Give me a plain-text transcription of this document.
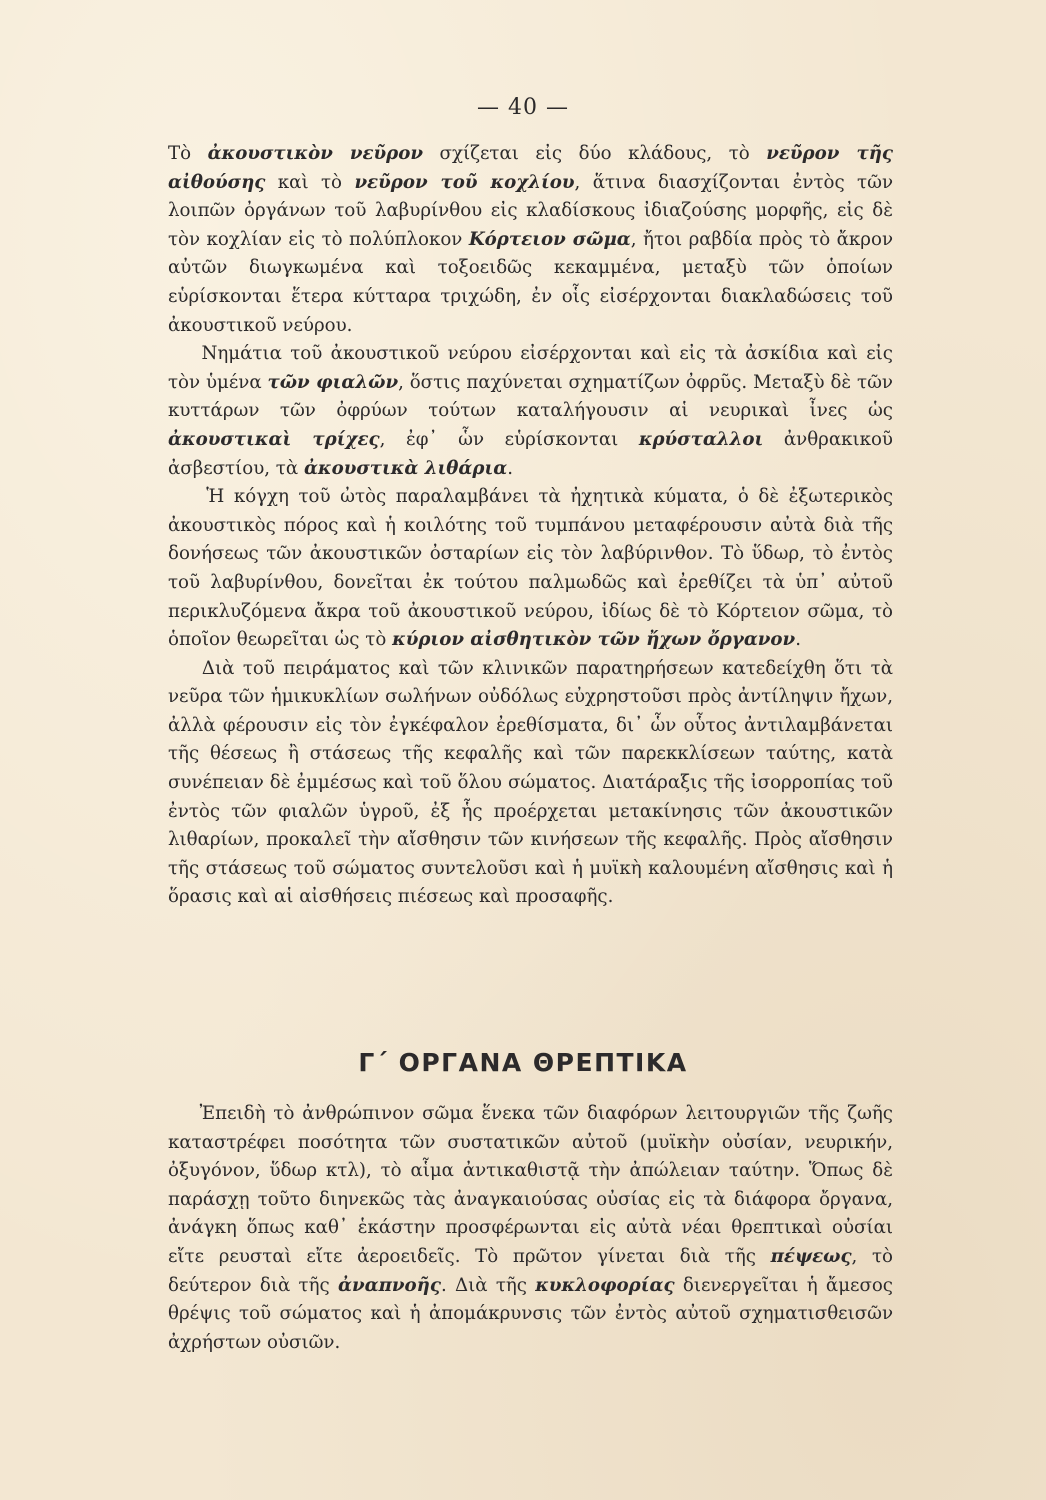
— 40 —

Τὸ ἀκουστικὸν νεῦρον σχίζεται εἰς δύο κλάδους, τὸ νεῦρον τῆς αἰθούσης καὶ τὸ νεῦρον τοῦ κοχλίου, ἅτινα διασχίζονται ἐντὸς τῶν λοιπῶν ὀργάνων τοῦ λαβυρίνθου εἰς κλαδίσκους ἰδιαζούσης μορφῆς, εἰς δὲ τὸν κοχλίαν εἰς τὸ πολύπλοκον Κόρτειον σῶμα, ἤτοι ραβδία πρὸς τὸ ἄκρον αὐτῶν διωγκωμένα καὶ τοξοειδῶς κεκαμμένα, μεταξὺ τῶν ὁποίων εὑρίσκονται ἕτερα κύτταρα τριχώδη, ἐν οἷς εἰσέρχονται διακλαδώσεις τοῦ ἀκουστικοῦ νεύρου.

Νημάτια τοῦ ἀκουστικοῦ νεύρου εἰσέρχονται καὶ εἰς τὰ ἀσκίδια καὶ εἰς τὸν ὑμένα τῶν φιαλῶν, ὅστις παχύνεται σχηματίζων ὀφρῦς. Μεταξὺ δὲ τῶν κυττάρων τῶν ὀφρύων τούτων καταλήγουσιν αἱ νευρικαὶ ἶνες ὡς ἀκουστικαὶ τρίχες, ἐφ᾽ ὧν εὑρίσκονται κρύσταλλοι ἀνθρακικοῦ ἀσβεστίου, τὰ ἀκουστικὰ λιθάρια.

Ἡ κόγχη τοῦ ὠτὸς παραλαμβάνει τὰ ἠχητικὰ κύματα, ὁ δὲ ἐξωτερικὸς ἀκουστικὸς πόρος καὶ ἡ κοιλότης τοῦ τυμπάνου μεταφέρουσιν αὐτὰ διὰ τῆς δονήσεως τῶν ἀκουστικῶν ὀσταρίων εἰς τὸν λαβύρινθον. Τὸ ὕδωρ, τὸ ἐντὸς τοῦ λαβυρίνθου, δονεῖται ἐκ τούτου παλμωδῶς καὶ ἐρεθίζει τὰ ὑπ᾽ αὐτοῦ περικλυζόμενα ἄκρα τοῦ ἀκουστικοῦ νεύρου, ἰδίως δὲ τὸ Κόρτειον σῶμα, τὸ ὁποῖον θεωρεῖται ὡς τὸ κύριον αἰσθητικὸν τῶν ἤχων ὄργανον.

Διὰ τοῦ πειράματος καὶ τῶν κλινικῶν παρατηρήσεων κατεδείχθη ὅτι τὰ νεῦρα τῶν ἡμικυκλίων σωλήνων οὐδόλως εὐχρηστοῦσι πρὸς ἀντίληψιν ἤχων, ἀλλὰ φέρουσιν εἰς τὸν ἐγκέφαλον ἐρεθίσματα, δι᾽ ὧν οὗτος ἀντιλαμβάνεται τῆς θέσεως ἢ στάσεως τῆς κεφαλῆς καὶ τῶν παρεκκλίσεων ταύτης, κατὰ συνέπειαν δὲ ἐμμέσως καὶ τοῦ ὅλου σώματος. Διατάραξις τῆς ἰσορροπίας τοῦ ἐντὸς τῶν φιαλῶν ὑγροῦ, ἐξ ἧς προέρχεται μετακίνησις τῶν ἀκουστικῶν λιθαρίων, προκαλεῖ τὴν αἴσθησιν τῶν κινήσεων τῆς κεφαλῆς. Πρὸς αἴσθησιν τῆς στάσεως τοῦ σώματος συντελοῦσι καὶ ἡ μυϊκὴ καλουμένη αἴσθησις καὶ ἡ ὅρασις καὶ αἱ αἰσθήσεις πιέσεως καὶ προσαφῆς.

Γ΄ ΟΡΓΑΝΑ ΘΡΕΠΤΙΚΑ

Ἐπειδὴ τὸ ἀνθρώπινον σῶμα ἕνεκα τῶν διαφόρων λειτουργιῶν τῆς ζωῆς καταστρέφει ποσότητα τῶν συστατικῶν αὐτοῦ (μυϊκὴν οὐσίαν, νευρικήν, ὀξυγόνον, ὕδωρ κτλ), τὸ αἷμα ἀντικαθιστᾷ τὴν ἀπώλειαν ταύτην. Ὅπως δὲ παράσχῃ τοῦτο διηνεκῶς τὰς ἀναγκαιούσας οὐσίας εἰς τὰ διάφορα ὄργανα, ἀνάγκη ὅπως καθ᾽ ἑκάστην προσφέρωνται εἰς αὐτὰ νέαι θρεπτικαὶ οὐσίαι εἴτε ρευσταὶ εἴτε ἀεροειδεῖς. Τὸ πρῶτον γίνεται διὰ τῆς πέψεως, τὸ δεύτερον διὰ τῆς ἀναπνοῆς. Διὰ τῆς κυκλοφορίας διενεργεῖται ἡ ἄμεσος θρέψις τοῦ σώματος καὶ ἡ ἀπομάκρυνσις τῶν ἐντὸς αὐτοῦ σχηματισθεισῶν ἀχρήστων οὐσιῶν.
